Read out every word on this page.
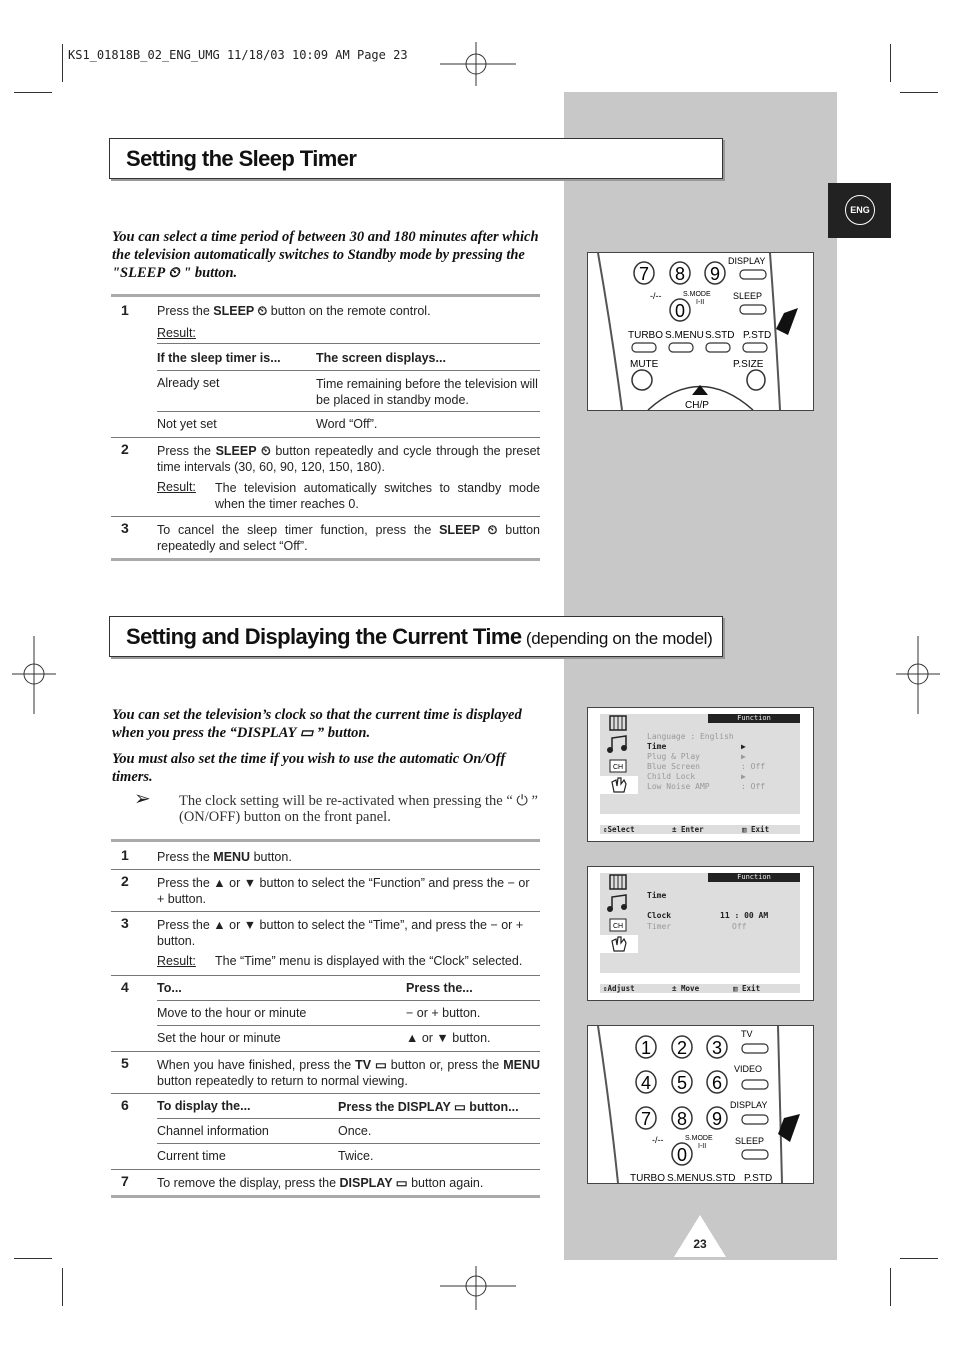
KS1_01818B_02_ENG_UMG 11/18/03 10:09 AM Page 23
ENG
Setting the Sleep Timer
You can select a time period of between 30 and 180 minutes after which the television automatically switches to Standby mode by pressing the "SLEEP ⏲ " button.
1 Press the SLEEP ⏲ button on the remote control.
Result:
If the sleep timer is...	The screen displays...
Already set	Time remaining before the television will be placed in standby mode.
Not yet set	Word “Off”.
2 Press the SLEEP ⏲ button repeatedly and cycle through the preset time intervals (30, 60, 90, 120, 150, 180).
Result: The television automatically switches to standby mode when the timer reaches 0.
3 To cancel the sleep timer function, press the SLEEP ⏲ button repeatedly and select “Off”.
7 8 9
0
DISPLAY
-/--	S.MODE
I-II
SLEEP
TURBO S.MENU S.STD P.STD
MUTE	P.SIZE
CH/P
Setting and Displaying the Current Time (depending on the model)
You can set the television’s clock so that the current time is displayed when you press the “DISPLAY ▭ ” button.
You must also set the time if you wish to use the automatic On/Off timers.
➢ The clock setting will be re-activated when pressing the “ ⏻ ” (ON/OFF) button on the front panel.
1 Press the MENU button.
2 Press the ▲ or ▼ button to select the “Function” and press the − or + button.
3 Press the ▲ or ▼ button to select the “Time”, and press the − or + button.
Result: The “Time” menu is displayed with the “Clock” selected.
4 To...	Press the...
Move to the hour or minute	− or + button.
Set the hour or minute	▲ or ▼ button.
5 When you have finished, press the TV ▭ button or, press the MENU button repeatedly to return to normal viewing.
6 To display the...	Press the DISPLAY ▭ button...
Channel information	Once.
Current time	Twice.
7 To remove the display, press the DISPLAY ▭ button again.
CH
Function
Language : English
Time
Plug & Play
Blue Screen
Child Lock
Low Noise AMP
▶
▶
: Off
▶
: Off
⇕Select	± Enter	▥ Exit
CH
Function
Time
Clock	11 : 00 AM
Timer	Off
⇕Adjust	± Move	▥ Exit
1 2 3
4 5 6
7 8 9
0
TV
VIDEO
DISPLAY
-/--	S.MODE
I-II
SLEEP
TURBO S.MENU S.STD P.STD
23
